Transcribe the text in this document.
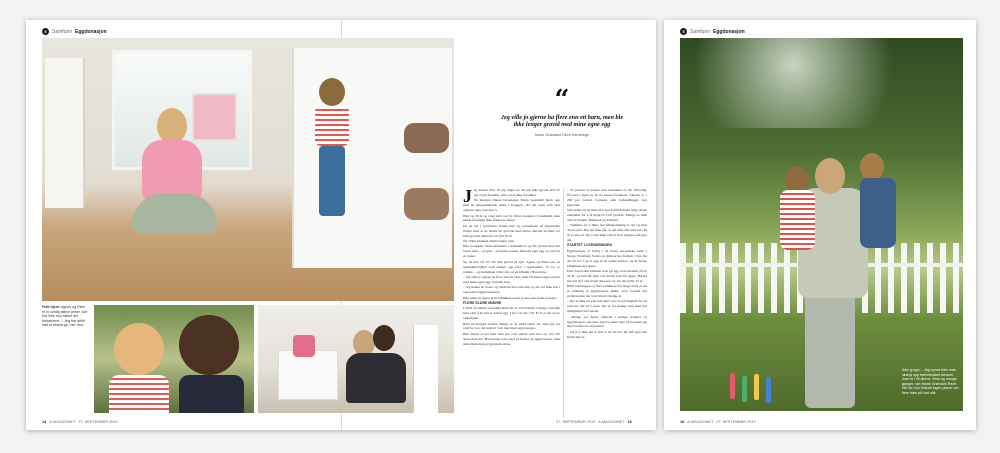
5	Samfunn Eggdonasjon
Fullt hjem: Agnes og Ellen er to veldig aktive jenter. Det tror ikke mor skiller det forbarnene. – Jeg har alltid hatt et ekstra gir, mer hun.
“
Jeg ville jo gjerne ha flere enn ett barn, men ble ikke lenger gravid med mine egne egg
Marie Grøndahl Rech barnelege
J eg tenkte: Hva vil jeg angre på om jeg ikke gjorde det? Er det at jeg forsøkte, eller at jeg ikke forsøkte?

En morgen våknet barnelegen Marie Grøndahl Rech opp med en altoppslukende tanke i kroppen: «Er det noen som skal oppleve meg som mor?»

Hun var 39 år og i fast jobb ved St. Olavs hospital i Trondheim, men hadde foreløpig ikke funnet en mann.

Da de var i tyveårene, hadde hun og venninnene på legestudiet fleipet med at de skulle bli gravide med donor dersom de ikke var blitt gravide innen de var fylt 35 år.

Nå virket klokken uhellsvanger rask.

Hun kontaktet Stork klinikken i København og ble gravid med sitt første barn – en gutt – på første forsøk, med sitt eget egg og sæd fra en donor.

Så, da hun var 47, ble hun gravid på nytt. Agnes og Ellen eier en søskenkjærlighet som dukket opp først i oppbruddet: Vi var to tomme – og mammaen ville være på en klinikk i Barcelona.

– Jeg ville jo gjerne ha flere enn ett barn, men ble ikke lenger gravid med mine egne egg, forteller hun.

– Jeg hentet en donor og vurderte den som min og det var ikke noe i veien med eggdonasjonen.

Hun søkte da åpent ut til klinikken at det er mer enn andre donorer.

FLERE ELDRE MØDRE

I 2019 var Marie Grøndahl Rech én av 125 kvinner i Norge som fikk barn etter å ha fått et donert egg. I fjor var det 176. Et år er det en ny virkelighet.

Barn en morgen utenfor mange av de andre rundt oss, men jeg var redd for hva det kom til å bli mer med eggdonasjon.

Hun innser at det ikke bare har vært enkelt som mor og vært litt alene med det. Han kunne være med på fødsel og eggdonasjon, men dette måtte hun gå gjennom alene.

– Vi prosent av parene som behandles av det offentlige får barn i løpet av de tre første forsøkene. Likevel er 1 200 par fortsatt barnløse etter behandlingen, sier Kjersrud.

Sett under ett tar ikke mer enn 6 000 kvinner årlig reisen utenlands for å få hjelp til å bli gravide. Mange av dem drar til Spania, Danmark og Finland.

– Summen for å likke ned tilhokomsting er rett og slett 30 prosent. Når det ikke går, er det ikke alle som har råd til å reise ut. Og vi har ikke tall på hvor mange som gjør det.

STARTET LOVENDRINGEN

Eggdonasjon er lovlig i de fleste europeiske land: i Norge, Tyskland, Sveits og Italia er det forbudt. I fjor ble det nå lov å gi et egg til en annen kvinne, og de første klinikkene har åpnet.

Etter loven skal kvinnen som gir egg være mellom 25 og 35 år, og hun får ikke vite hvem som får egget. Barnet har rett til å vite hvem donoren var når det fyller 15 år.

Både barnelegen og flere politikere har lenge ment at det er urimelig at eggdonasjon skulle være forbudt når sæddonasjon har vært tillatt i mange år.

– Det er ikke en sak som skal være et privilegium for de som har råd til å reise. Det er for mange som ikke har muligheten til å betale.

– Mange par åpner allerede i mange kvinner og eggdonasjon, sier hun. Jeg har tenkt mye på hvordan jeg skal fortelle det til jentene.

– Jeg tror ikke det er nok at de vet det. De må også vite hvem hun er.

14 A-MAGASINET 27. SEPTEMBER 2019	27. SEPTEMBER 2019 A-MAGASINET 15
5	Samfunn Eggdonasjon
Ikke gi opp: – Jeg synes ikke man skal gi opp barneønsket dersom man er i 40-årene. Bruk og mange ganger, sier Marie Grøndahl Rech. Nå har hun fortsatt ingen planer om flere barn på kort sikt.
16 A-MAGASINET 27. SEPTEMBER 2019
